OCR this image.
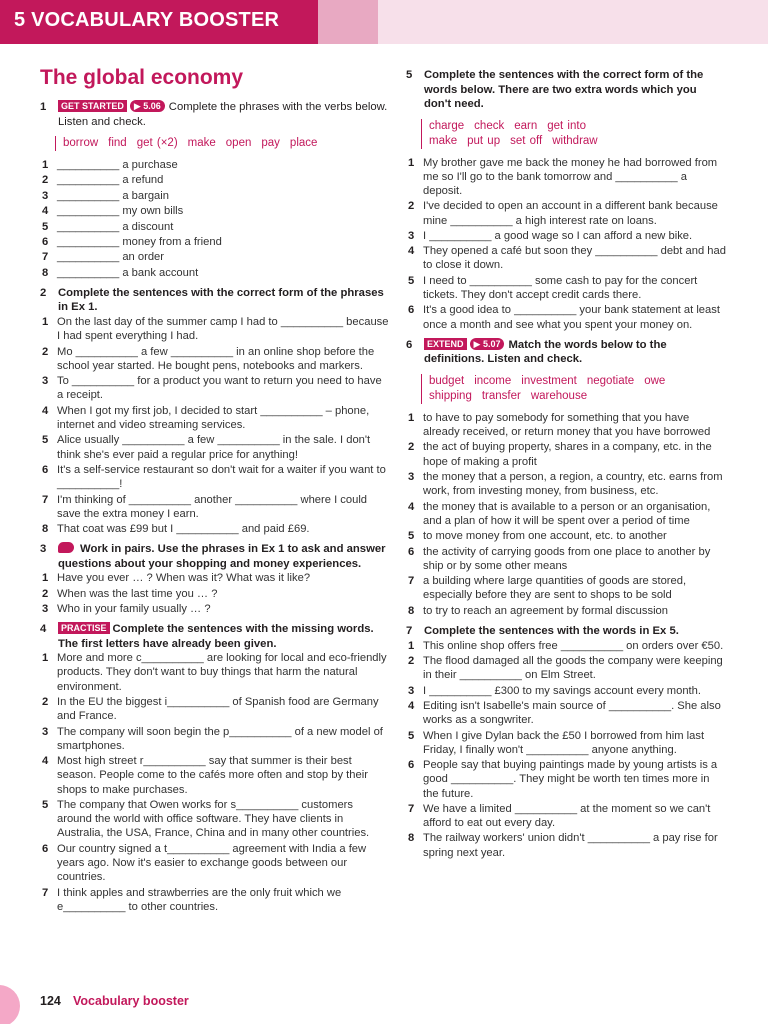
5 VOCABULARY BOOSTER
The global economy
1	GET STARTED ▶ 5.06 Complete the phrases with the verbs below. Listen and check.
borrow find get (×2) make open pay place
1 __________ a purchase
2 __________ a refund
3 __________ a bargain
4 __________ my own bills
5 __________ a discount
6 __________ money from a friend
7 __________ an order
8 __________ a bank account
2	Complete the sentences with the correct form of the phrases in Ex 1.
1 On the last day of the summer camp I had to __________ because I had spent everything I had.
2 Mo __________ a few __________ in an online shop before the school year started. He bought pens, notebooks and markers.
3 To __________ for a product you want to return you need to have a receipt.
4 When I got my first job, I decided to start __________ – phone, internet and video streaming services.
5 Alice usually __________ a few __________ in the sale. I don't think she's ever paid a regular price for anything!
6 It's a self-service restaurant so don't wait for a waiter if you want to __________!
7 I'm thinking of __________ another __________ where I could save the extra money I earn.
8 That coat was £99 but I __________ and paid £69.
3	Work in pairs. Use the phrases in Ex 1 to ask and answer questions about your shopping and money experiences.
1 Have you ever … ? When was it? What was it like?
2 When was the last time you … ?
3 Who in your family usually … ?
4	PRACTISE Complete the sentences with the missing words. The first letters have already been given.
1 More and more c__________ are looking for local and eco-friendly products. They don't want to buy things that harm the natural environment.
2 In the EU the biggest i__________ of Spanish food are Germany and France.
3 The company will soon begin the p__________ of a new model of smartphones.
4 Most high street r__________ say that summer is their best season. People come to the cafés more often and stop by their shops to make purchases.
5 The company that Owen works for s__________ customers around the world with office software. They have clients in Australia, the USA, France, China and in many other countries.
6 Our country signed a t__________ agreement with India a few years ago. Now it's easier to exchange goods between our countries.
7 I think apples and strawberries are the only fruit which we e__________ to other countries.
5	Complete the sentences with the correct form of the words below. There are two extra words which you don't need.
charge check earn get into
make put up set off withdraw
1 My brother gave me back the money he had borrowed from me so I'll go to the bank tomorrow and __________ a deposit.
2 I've decided to open an account in a different bank because mine __________ a high interest rate on loans.
3 I __________ a good wage so I can afford a new bike.
4 They opened a café but soon they __________ debt and had to close it down.
5 I need to __________ some cash to pay for the concert tickets. They don't accept credit cards there.
6 It's a good idea to __________ your bank statement at least once a month and see what you spent your money on.
6	EXTEND ▶ 5.07 Match the words below to the definitions. Listen and check.
budget income investment negotiate owe
shipping transfer warehouse
1 to have to pay somebody for something that you have already received, or return money that you have borrowed
2 the act of buying property, shares in a company, etc. in the hope of making a profit
3 the money that a person, a region, a country, etc. earns from work, from investing money, from business, etc.
4 the money that is available to a person or an organisation, and a plan of how it will be spent over a period of time
5 to move money from one account, etc. to another
6 the activity of carrying goods from one place to another by ship or by some other means
7 a building where large quantities of goods are stored, especially before they are sent to shops to be sold
8 to try to reach an agreement by formal discussion
7	Complete the sentences with the words in Ex 5.
1 This online shop offers free __________ on orders over €50.
2 The flood damaged all the goods the company were keeping in their __________ on Elm Street.
3 I __________ £300 to my savings account every month.
4 Editing isn't Isabelle's main source of __________. She also works as a songwriter.
5 When I give Dylan back the £50 I borrowed from him last Friday, I finally won't __________ anyone anything.
6 People say that buying paintings made by young artists is a good __________. They might be worth ten times more in the future.
7 We have a limited __________ at the moment so we can't afford to eat out every day.
8 The railway workers' union didn't __________ a pay rise for spring next year.
124 Vocabulary booster
